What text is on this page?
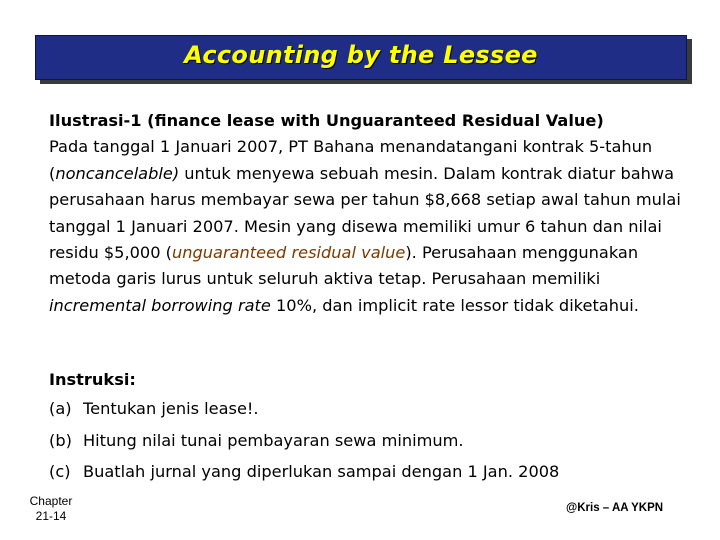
Accounting by the Lessee
Ilustrasi-1 (finance lease with Unguaranteed Residual Value)

Pada tanggal 1 Januari 2007, PT Bahana menandatangani kontrak 5-tahun (noncancelable) untuk menyewa sebuah mesin. Dalam kontrak diatur bahwa perusahaan harus membayar sewa per tahun $8,668 setiap awal tahun mulai tanggal 1 Januari 2007. Mesin yang disewa memiliki umur 6 tahun dan nilai residu $5,000 (unguaranteed residual value). Perusahaan menggunakan metoda garis lurus untuk seluruh aktiva tetap. Perusahaan memiliki incremental borrowing rate 10%, dan implicit rate lessor tidak diketahui.

Instruksi:
(a) Tentukan jenis lease!.
(b) Hitung nilai tunai pembayaran sewa minimum.
(c) Buatlah jurnal yang diperlukan sampai dengan 1 Jan. 2008
Chapter
21-14
@Kris – AA YKPN
